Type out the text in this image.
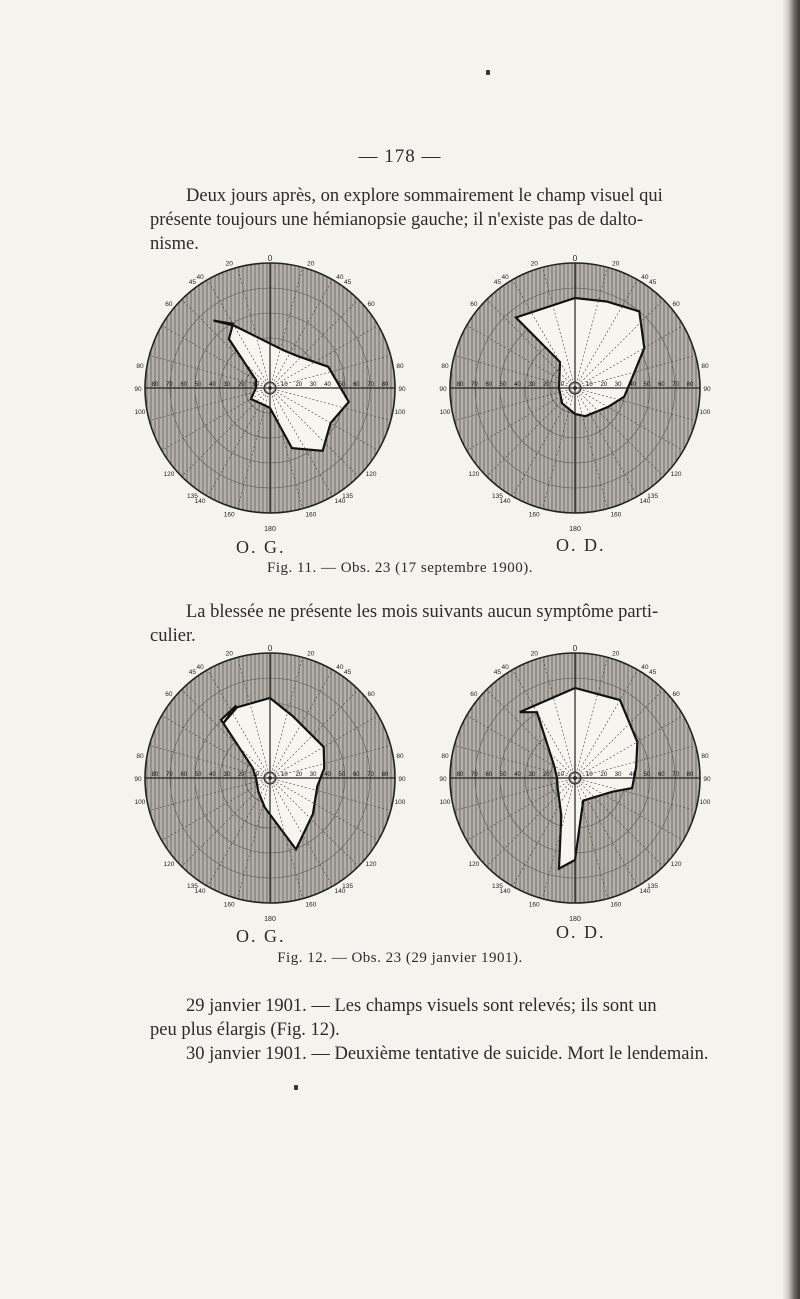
— 178 —

Deux jours après, on explore sommairement le champ visuel qui
présente toujours une hémianopsie gauche; il n'existe pas de dalto-
nisme.

0
180
20
40
45
60
80
90
100
120
135
140
160
20
40
45
60
80
90
100
120
135
140
160
80	80
70	70
60	60
50	50
40	40
30	30
20	20
10	10
0
180
20
40
45
60
80
90
100
120
135
140
160
20
40
45
60
80
90
100
120
135
140
160
80	80
70	70
60	60
50	50
40	40
30	30
20	20
10	10
O. G.	O. D.
Fig. 11. — Obs. 23 (17 septembre 1900).

La blessée ne présente les mois suivants aucun symptôme parti-
culier.

0
180
20
40
45
60
80
90
100
120
135
140
160
20
40
45
60
80
90
100
120
135
140
160
80	80
70	70
60	60
50	50
40	40
30	30
20	20
10	10
0
180
20
40
45
60
80
90
100
120
135
140
160
20
40
45
60
80
90
100
120
135
140
160
80	80
70	70
60	60
50	50
40	40
30	30
20	20
10	10
O. G.	O. D.
Fig. 12. — Obs. 23 (29 janvier 1901).

29 janvier 1901. — Les champs visuels sont relevés; ils sont un
peu plus élargis (Fig. 12).
30 janvier 1901. — Deuxième tentative de suicide. Mort le lendemain.
